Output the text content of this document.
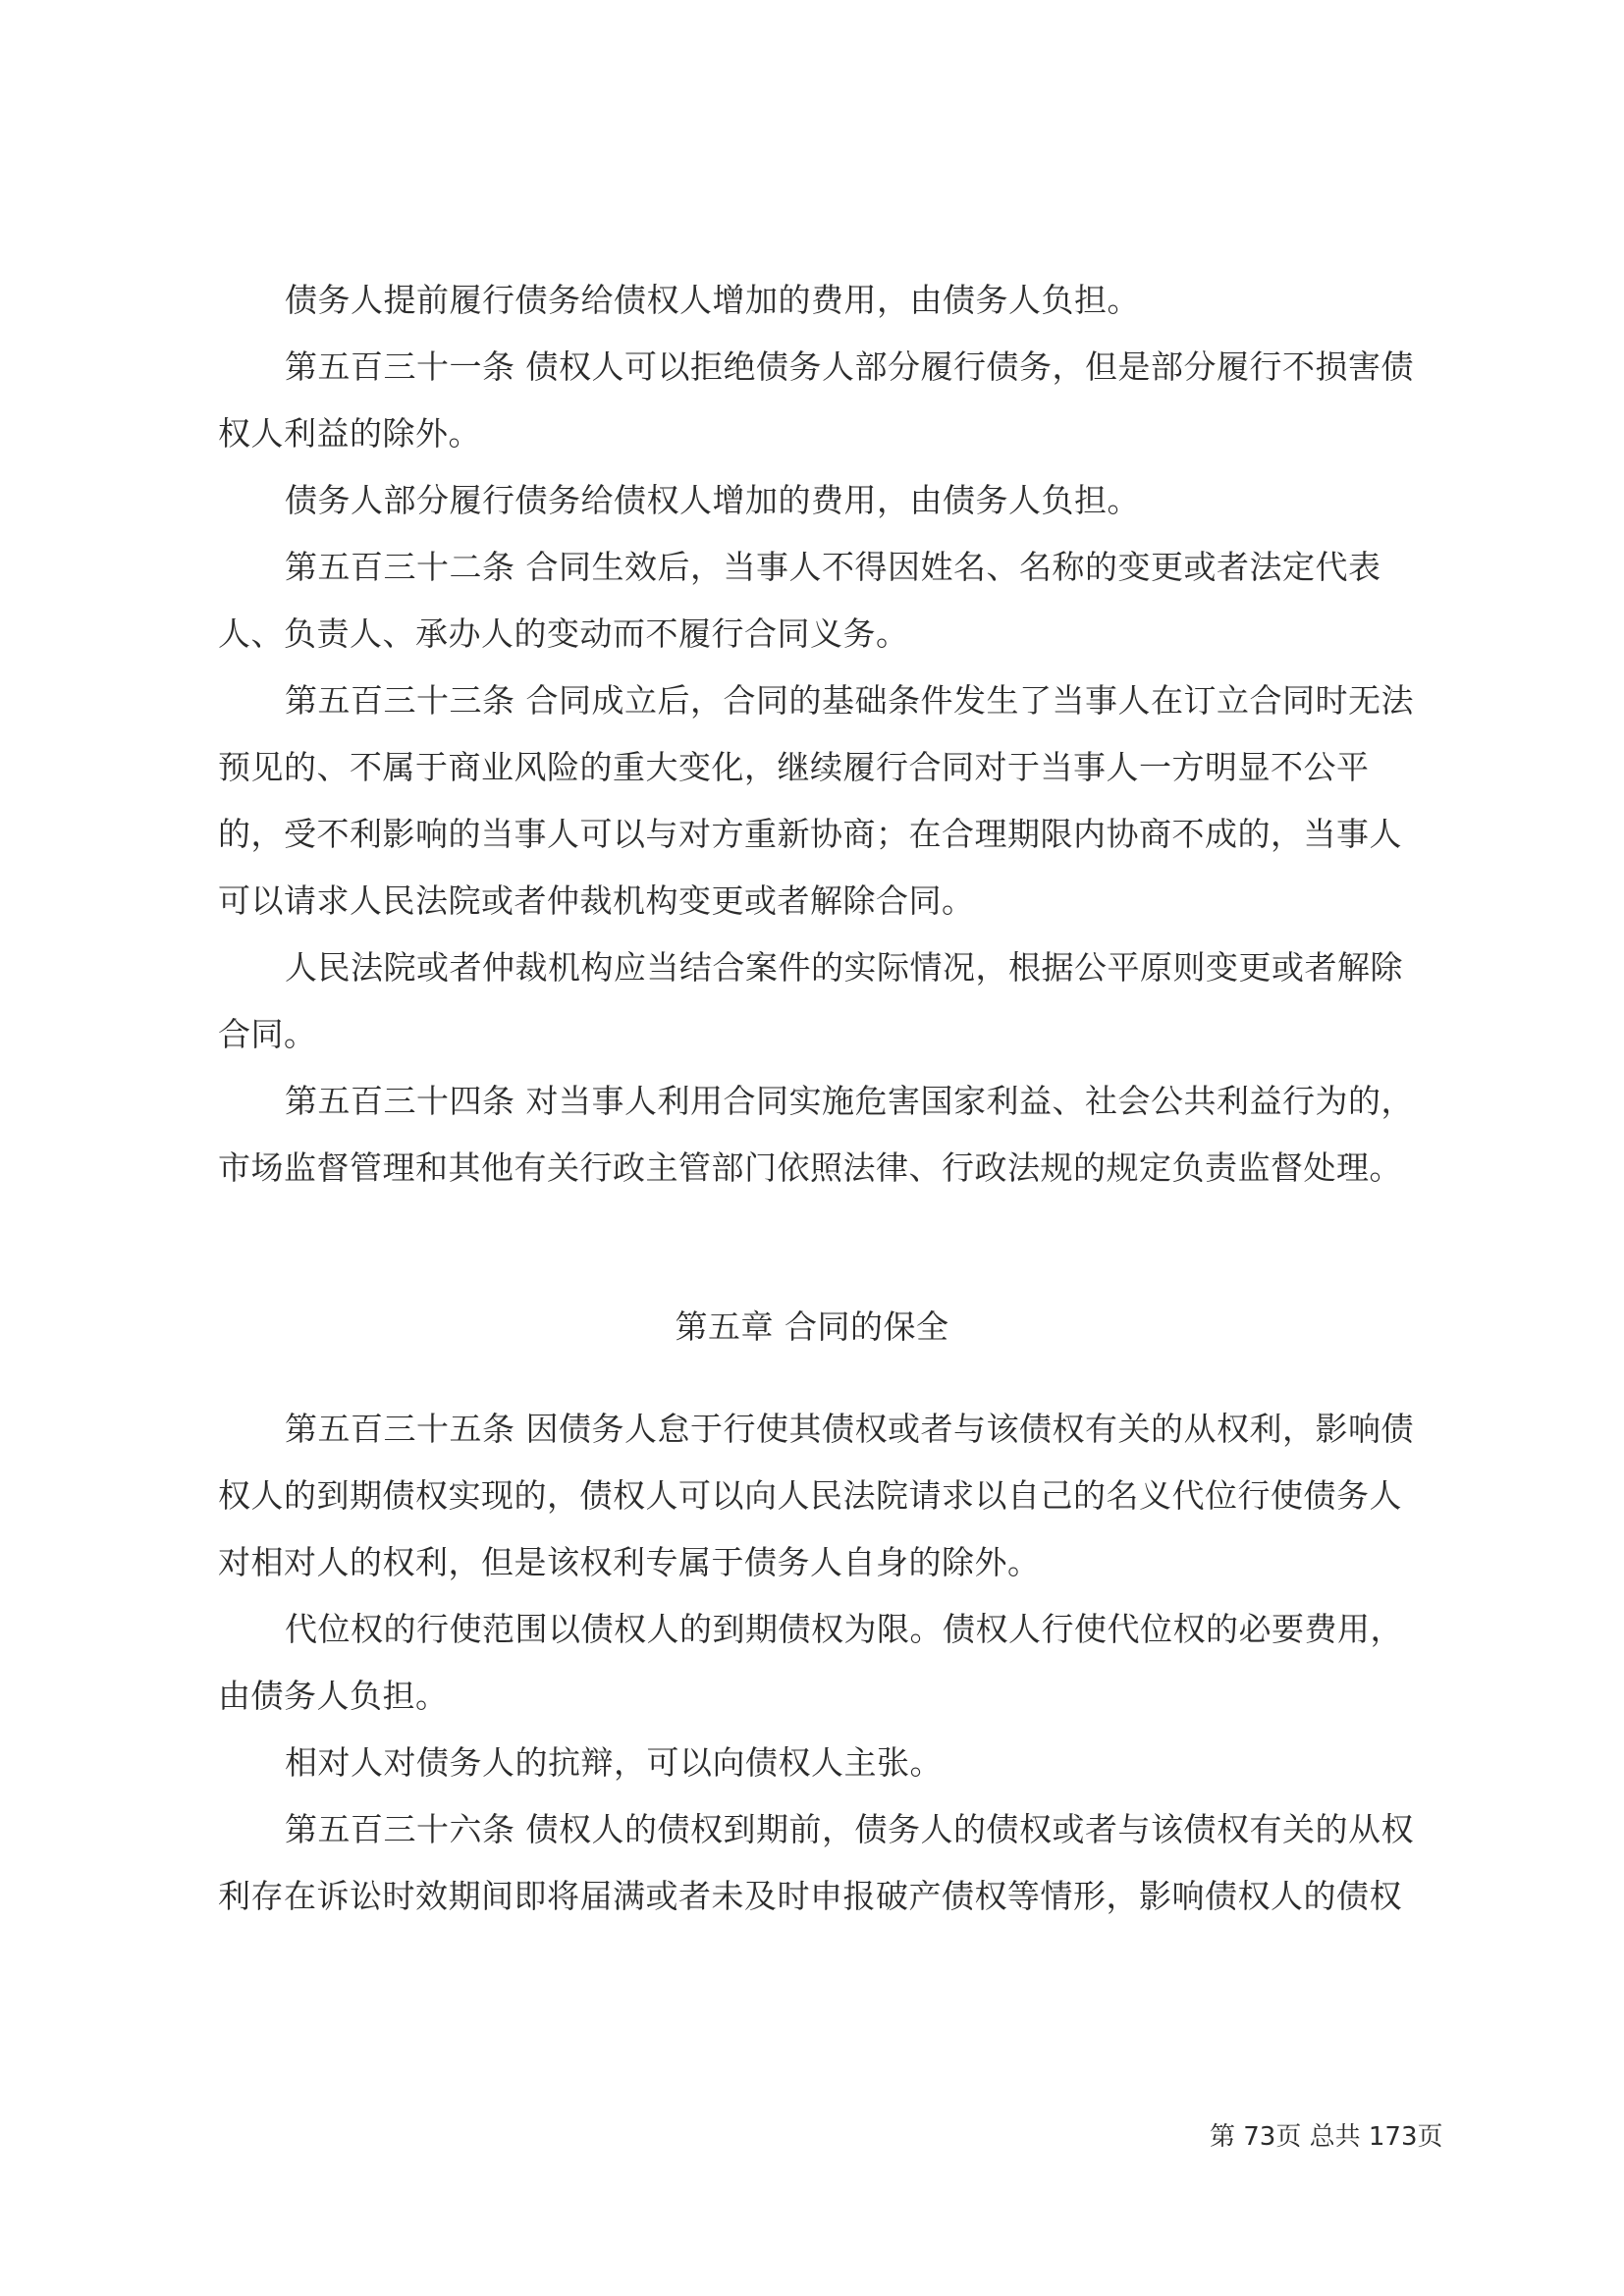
债务人提前履行债务给债权人增加的费用，由债务人负担。
第五百三十一条 债权人可以拒绝债务人部分履行债务，但是部分履行不损害债
权人利益的除外。
债务人部分履行债务给债权人增加的费用，由债务人负担。
第五百三十二条 合同生效后，当事人不得因姓名、名称的变更或者法定代表
人、负责人、承办人的变动而不履行合同义务。
第五百三十三条 合同成立后，合同的基础条件发生了当事人在订立合同时无法
预见的、不属于商业风险的重大变化，继续履行合同对于当事人一方明显不公平
的，受不利影响的当事人可以与对方重新协商；在合理期限内协商不成的，当事人
可以请求人民法院或者仲裁机构变更或者解除合同。
人民法院或者仲裁机构应当结合案件的实际情况，根据公平原则变更或者解除
合同。
第五百三十四条 对当事人利用合同实施危害国家利益、社会公共利益行为的，
市场监督管理和其他有关行政主管部门依照法律、行政法规的规定负责监督处理。
第五章 合同的保全
第五百三十五条 因债务人怠于行使其债权或者与该债权有关的从权利，影响债
权人的到期债权实现的，债权人可以向人民法院请求以自己的名义代位行使债务人
对相对人的权利，但是该权利专属于债务人自身的除外。
代位权的行使范围以债权人的到期债权为限。债权人行使代位权的必要费用，
由债务人负担。
相对人对债务人的抗辩，可以向债权人主张。
第五百三十六条 债权人的债权到期前，债务人的债权或者与该债权有关的从权
利存在诉讼时效期间即将届满或者未及时申报破产债权等情形，影响债权人的债权
第 73页 总共 173页
